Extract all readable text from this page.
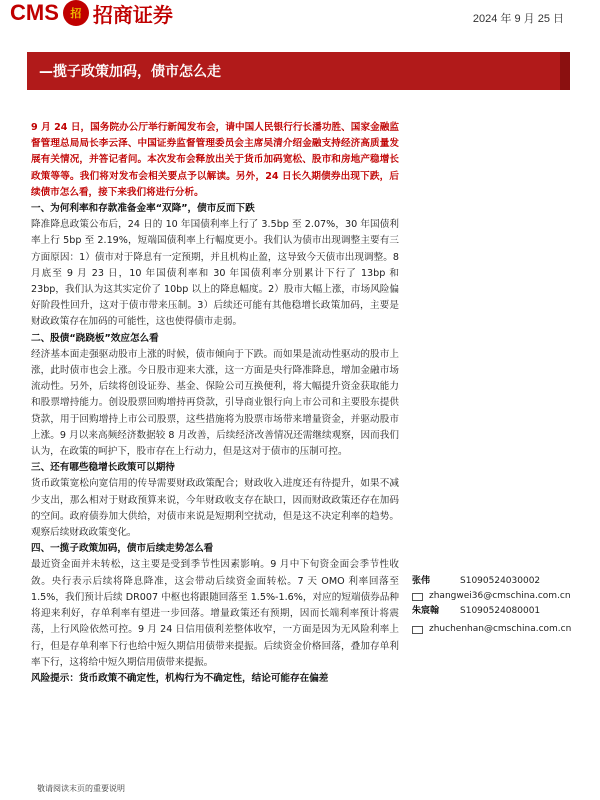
CMS	招 招商证券	2024 年 9 月 25 日
—揽子政策加码，债市怎么走
9 月 24 日，国务院办公厅举行新闻发布会，请中国人民银行行长潘功胜、国家金融监督管理总局局长李云泽、中国证券监督管理委员会主席吴清介绍金融支持经济高质量发展有关情况，并答记者问。本次发布会释放出关于货币加码宽松、股市和房地产稳增长政策等等。我们将对发布会相关要点予以解读。另外，24 日长久期债券出现下跌，后续债市怎么看，接下来我们将进行分析。
一、为何利率和存款准备金率“双降”，债市反而下跌
降准降息政策公布后，24 日的 10 年国债利率上行了 3.5bp 至 2.07%，30 年国债利率上行 5bp 至 2.19%，短端国债利率上行幅度更小。我们认为债市出现调整主要有三方面原因：1）债市对于降息有一定预期，并且机构止盈，这导致今天债市出现调整。8 月底至 9 月 23 日，10 年国债利率和 30 年国债利率分别累计下行了 13bp 和 23bp，我们认为这其实定价了 10bp 以上的降息幅度。2）股市大幅上涨，市场风险偏好阶段性回升，这对于债市带来压制。3）后续还可能有其他稳增长政策加码，主要是财政政策存在加码的可能性，这也使得债市走弱。
二、股债“跷跷板”效应怎么看
经济基本面走强驱动股市上涨的时候，债市倾向于下跌。而如果是流动性驱动的股市上涨，此时债市也会上涨。今日股市迎来大涨，这一方面是央行降准降息，增加金融市场流动性。另外，后续将创设证券、基金、保险公司互换便利，将大幅提升资金获取能力和股票增持能力。创设股票回购增持再贷款，引导商业银行向上市公司和主要股东提供贷款，用于回购增持上市公司股票，这些措施将为股票市场带来增量资金，并驱动股市上涨。9 月以来高频经济数据较 8 月改善，后续经济改善情况还需继续观察，因而我们认为，在政策的呵护下，股市存在上行动力，但是这对于债市的压制可控。
三、还有哪些稳增长政策可以期待
货币政策宽松向宽信用的传导需要财政政策配合；财政收入进度还有待提升，如果不减少支出，那么相对于财政预算来说，今年财政收支存在缺口，因而财政政策还存在加码的空间。政府债券加大供给，对债市来说是短期利空扰动，但是这不决定利率的趋势。观察后续财政政策变化。
四、一揽子政策加码，债市后续走势怎么看
最近资金面并未转松，这主要是受到季节性因素影响。9 月中下旬资金面会季节性收敛。央行表示后续将降息降准，这会带动后续资金面转松。7 天 OMO 利率回落至 1.5%，我们预计后续 DR007 中枢也将跟随回落至 1.5%-1.6%，对应的短端债券品种将迎来利好，存单利率有望进一步回落。增量政策还有预期，因而长端利率预计将震荡，上行风险依然可控。9 月 24 日信用债利差整体收窄，一方面是因为无风险利率上行，但是存单利率下行也给中短久期信用债带来提振。后续资金价格回落，叠加存单利率下行，这将给中短久期信用债带来提振。
风险提示：货币政策不确定性，机构行为不确定性，结论可能存在偏差
张伟	S1090524030002
zhangwei36@cmschina.com.cn
朱宸翰	S1090524080001
zhuchenhan@cmschina.com.cn
敬请阅读末页的重要说明
